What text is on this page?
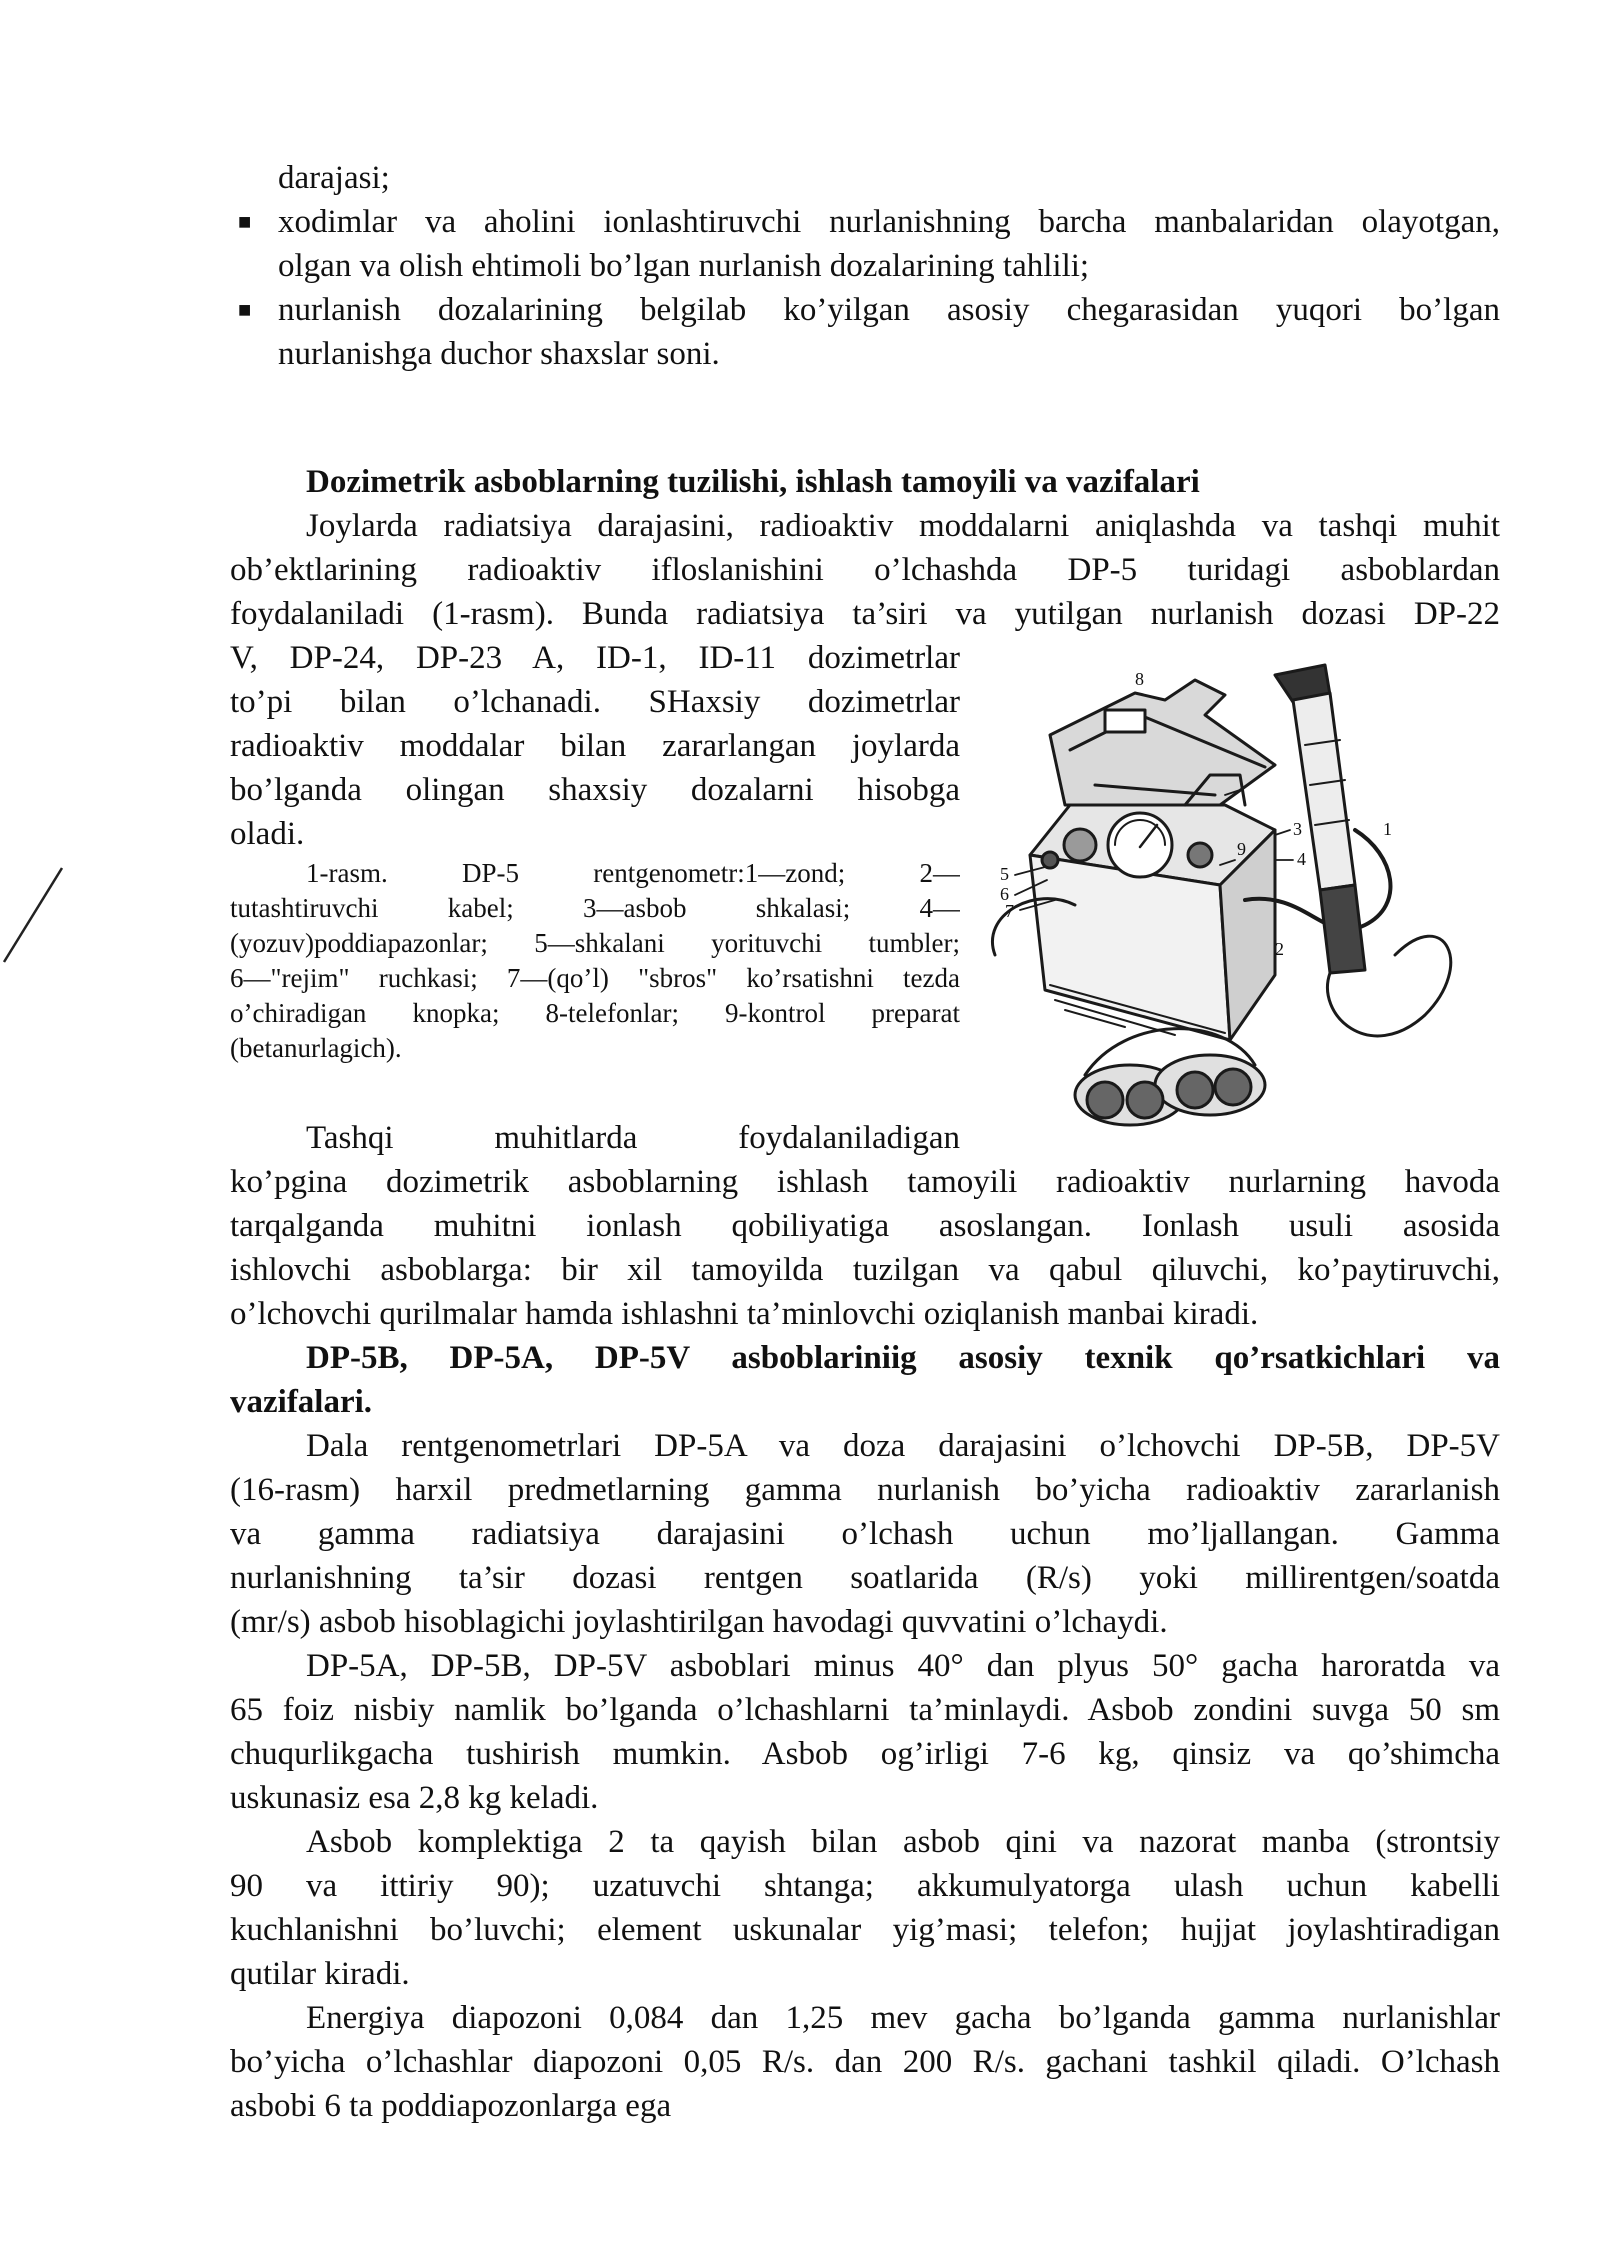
darajasi;
■ xodimlar va aholini ionlashtiruvchi nurlanishning barcha manbalaridan olayotgan,
olgan va olish ehtimoli bo’lgan nurlanish dozalarining tahlili;
■ nurlanish dozalarining belgilab ko’yilgan asosiy chegarasidan yuqori bo’lgan
nurlanishga duchor shaxslar soni.
Dozimetrik asboblarning tuzilishi, ishlash tamoyili va vazifalari
Joylarda radiatsiya darajasini, radioaktiv moddalarni aniqlashda va tashqi muhit
ob’ektlarining radioaktiv ifloslanishini o’lchashda DP-5 turidagi asboblardan
foydalaniladi (1-rasm). Bunda radiatsiya ta’siri va yutilgan nurlanish dozasi DP-22
V, DP-24, DP-23 A, ID-1, ID-11 dozimetrlar
to’pi bilan o’lchanadi. SHaxsiy dozimetrlar
radioaktiv moddalar bilan zararlangan joylarda
bo’lganda olingan shaxsiy dozalarni hisobga
oladi.
1-rasm. DP-5 rentgenometr:1—zond; 2—
tutashtiruvchi kabel; 3—asbob shkalasi; 4—
(yozuv)poddiapazonlar; 5—shkalani yorituvchi tumbler;
6—"rejim" ruchkasi; 7—(qo’l) "sbros" ko’rsatishni tezda
o’chiradigan knopka; 8-telefonlar; 9-kontrol preparat
(betanurlagich).
Tashqi muhitlarda foydalaniladigan
ko’pgina dozimetrik asboblarning ishlash tamoyili radioaktiv nurlarning havoda
tarqalganda muhitni ionlash qobiliyatiga asoslangan. Ionlash usuli asosida
ishlovchi asboblarga: bir xil tamoyilda tuzilgan va qabul qiluvchi, ko’paytiruvchi,
o’lchovchi qurilmalar hamda ishlashni ta’minlovchi oziqlanish manbai kiradi.
DP-5B, DP-5A, DP-5V asboblariniig asosiy texnik qo’rsatkichlari va
vazifalari.
Dala rentgenometrlari DP-5A va doza darajasini o’lchovchi DP-5B, DP-5V
(16-rasm) harxil predmetlarning gamma nurlanish bo’yicha radioaktiv zararlanish
va gamma radiatsiya darajasini o’lchash uchun mo’ljallangan. Gamma
nurlanishning ta’sir dozasi rentgen soatlarida (R/s) yoki millirentgen/soatda
(mr/s) asbob hisoblagichi joylashtirilgan havodagi quvvatini o’lchaydi.
DP-5A, DP-5B, DP-5V asboblari minus 40° dan plyus 50° gacha haroratda va
65 foiz nisbiy namlik bo’lganda o’lchashlarni ta’minlaydi. Asbob zondini suvga 50 sm
chuqurlikgacha tushirish mumkin. Asbob og’irligi 7-6 kg, qinsiz va qo’shimcha
uskunasiz esa 2,8 kg keladi.
Asbob komplektiga 2 ta qayish bilan asbob qini va nazorat manba (strontsiy
90 va ittiriy 90); uzatuvchi shtanga; akkumulyatorga ulash uchun kabelli
kuchlanishni bo’luvchi; element uskunalar yig’masi; telefon; hujjat joylashtiradigan
qutilar kiradi.
Energiya diapozoni 0,084 dan 1,25 mev gacha bo’lganda gamma nurlanishlar
bo’yicha o’lchashlar diapozoni 0,05 R/s. dan 200 R/s. gachani tashkil qiladi. O’lchash
asbobi 6 ta poddiapozonlarga ega
8
3
4
5
6
7
1
2
9
